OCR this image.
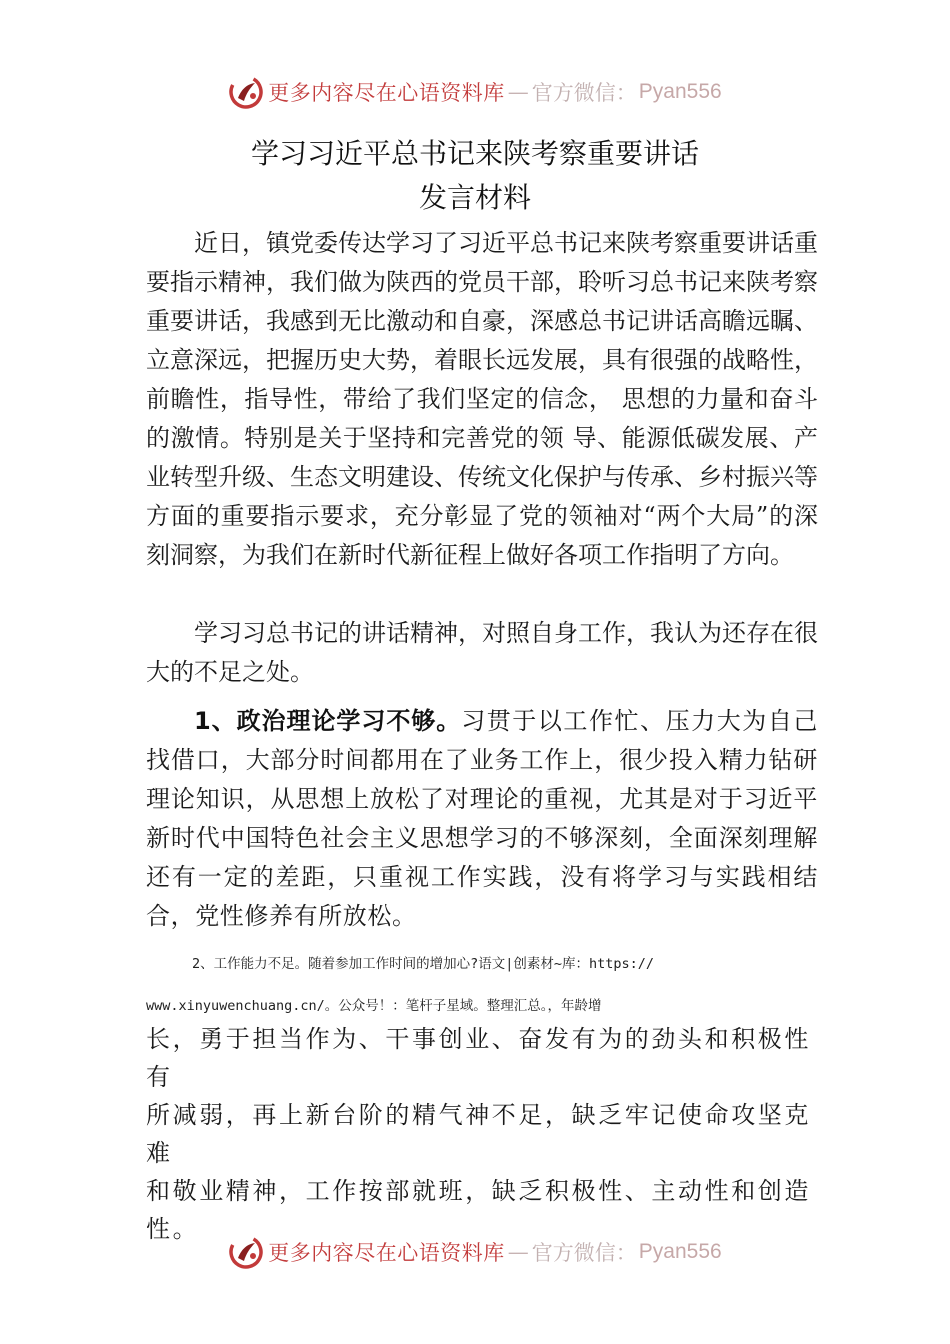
更多内容尽在心语资料库 — 官方微信： Pyan556
学习习近平总书记来陕考察重要讲话
发言材料

近日，镇党委传达学习了习近平总书记来陕考察重要讲话重要指示精神，我们做为陕西的党员干部，聆听习总书记来陕考察重要讲话，我感到无比激动和自豪，深感总书记讲话高瞻远瞩、立意深远，把握历史大势，着眼长远发展，具有很强的战略性，前瞻性，指导性，带给了我们坚定的信念， 思想的力量和奋斗的激情。特别是关于坚持和完善党的领 导、能源低碳发展、产业转型升级、生态文明建设、传统文化保护与传承、乡村振兴等方面的重要指示要求，充分彰显了党的领袖对“两个大局”的深刻洞察，为我们在新时代新征程上做好各项工作指明了方向。

学习习总书记的讲话精神，对照自身工作，我认为还存在很大的不足之处。

1、政治理论学习不够。习贯于以工作忙、压力大为自己找借口，大部分时间都用在了业务工作上，很少投入精力钻研理论知识，从思想上放松了对理论的重视，尤其是对于习近平新时代中国特色社会主义思想学习的不够深刻，全面深刻理解还有一定的差距，只重视工作实践，没有将学习与实践相结合，党性修养有所放松。

2、工作能力不足。随着参加工作时间的增加心?语文|创素材~库：https://
www.xinyuwenchuang.cn/。公众号！：笔杆子星域。整理汇总。，年龄增

长，勇于担当作为、干事创业、奋发有为的劲头和积极性有

所减弱，再上新台阶的精气神不足，缺乏牢记使命攻坚克难

和敬业精神，工作按部就班，缺乏积极性、主动性和创造性。

更多内容尽在心语资料库 — 官方微信： Pyan556
